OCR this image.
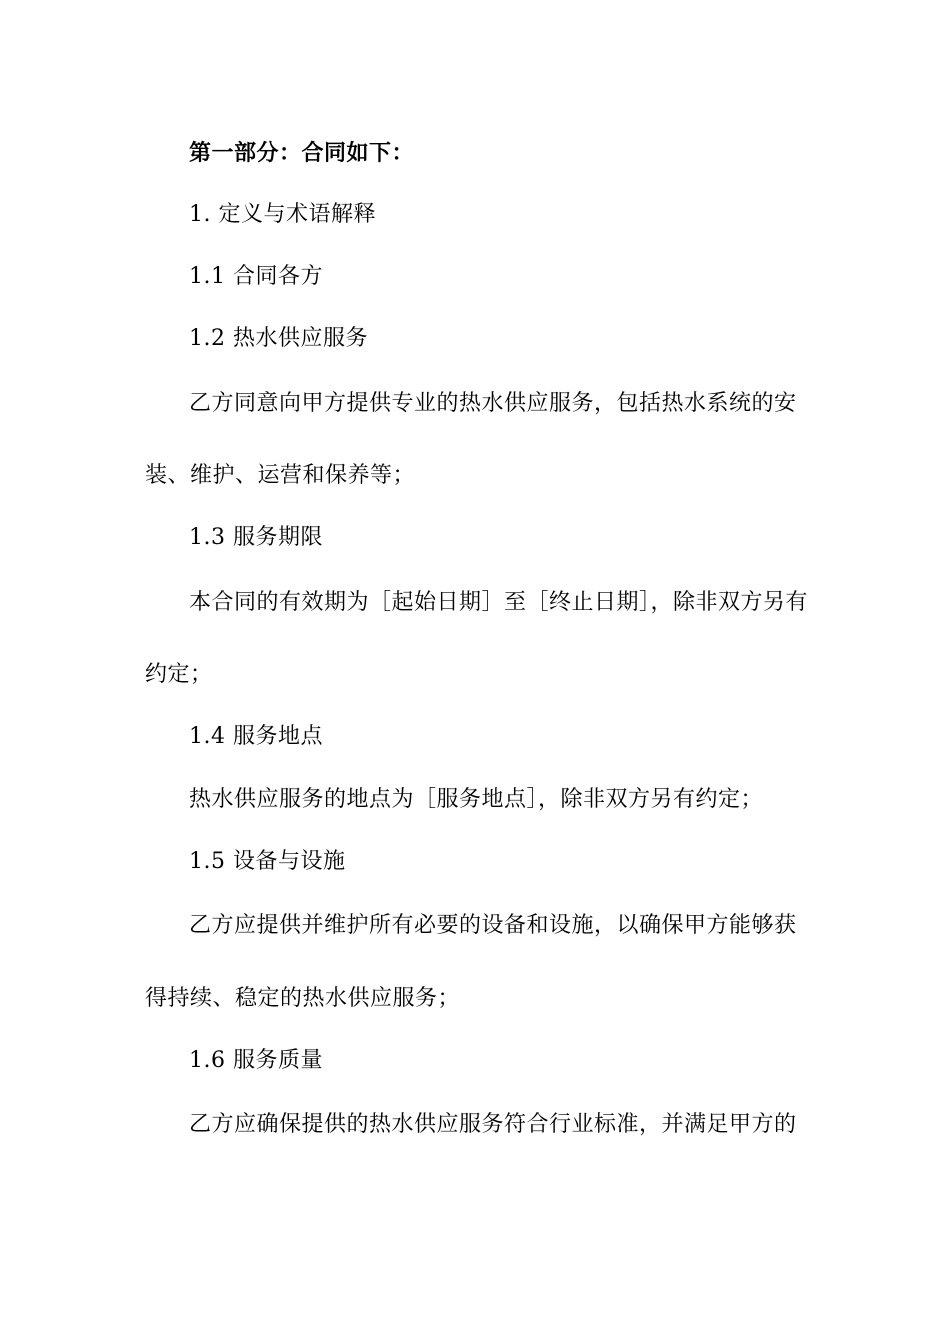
第一部分：合同如下：
1. 定义与术语解释
1.1 合同各方
1.2 热水供应服务
乙方同意向甲方提供专业的热水供应服务，包括热水系统的安
装、维护、运营和保养等；
1.3 服务期限
本合同的有效期为［起始日期］至［终止日期］，除非双方另有
约定；
1.4 服务地点
热水供应服务的地点为［服务地点］，除非双方另有约定；
1.5 设备与设施
乙方应提供并维护所有必要的设备和设施，以确保甲方能够获
得持续、稳定的热水供应服务；
1.6 服务质量
乙方应确保提供的热水供应服务符合行业标准，并满足甲方的
